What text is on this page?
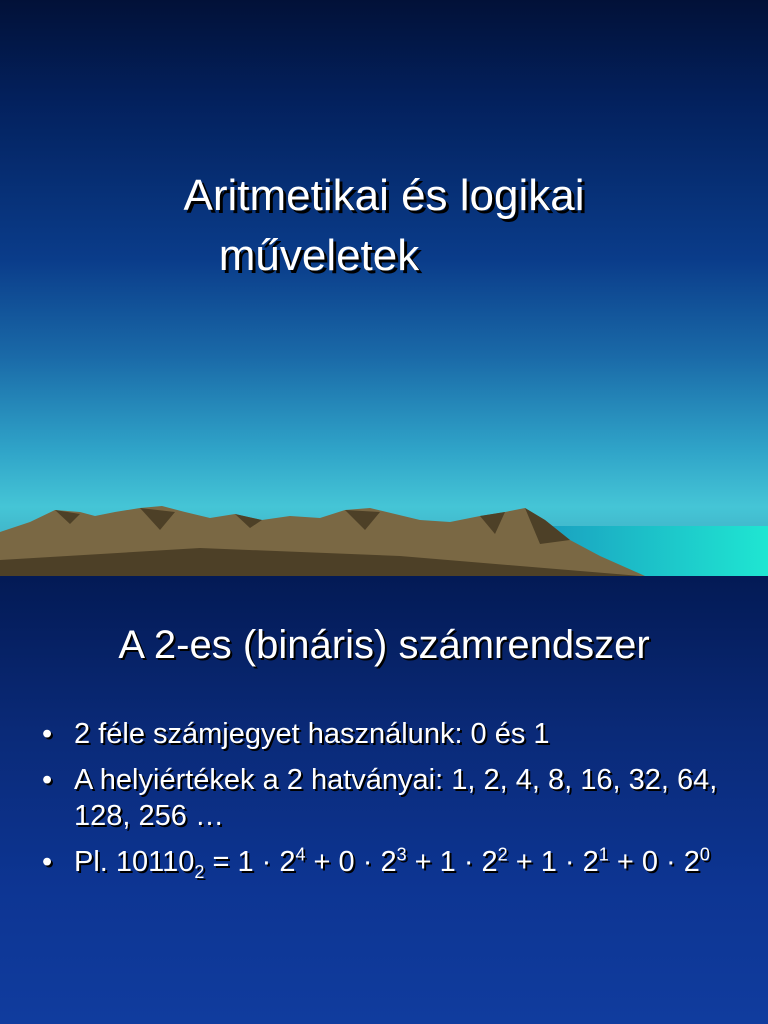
Aritmetikai és logikai
műveletek
A 2-es (bináris) számrendszer
• 2 féle számjegyet használunk: 0 és 1
• A helyiértékek a 2 hatványai: 1, 2, 4, 8, 16, 32, 64, 128, 256 …
• Pl. $10110_2 = 1 \cdot 2^4 + 0 \cdot 2^3 + 1 \cdot 2^2 + 1 \cdot 2^1 + 0 \cdot 2^0$
